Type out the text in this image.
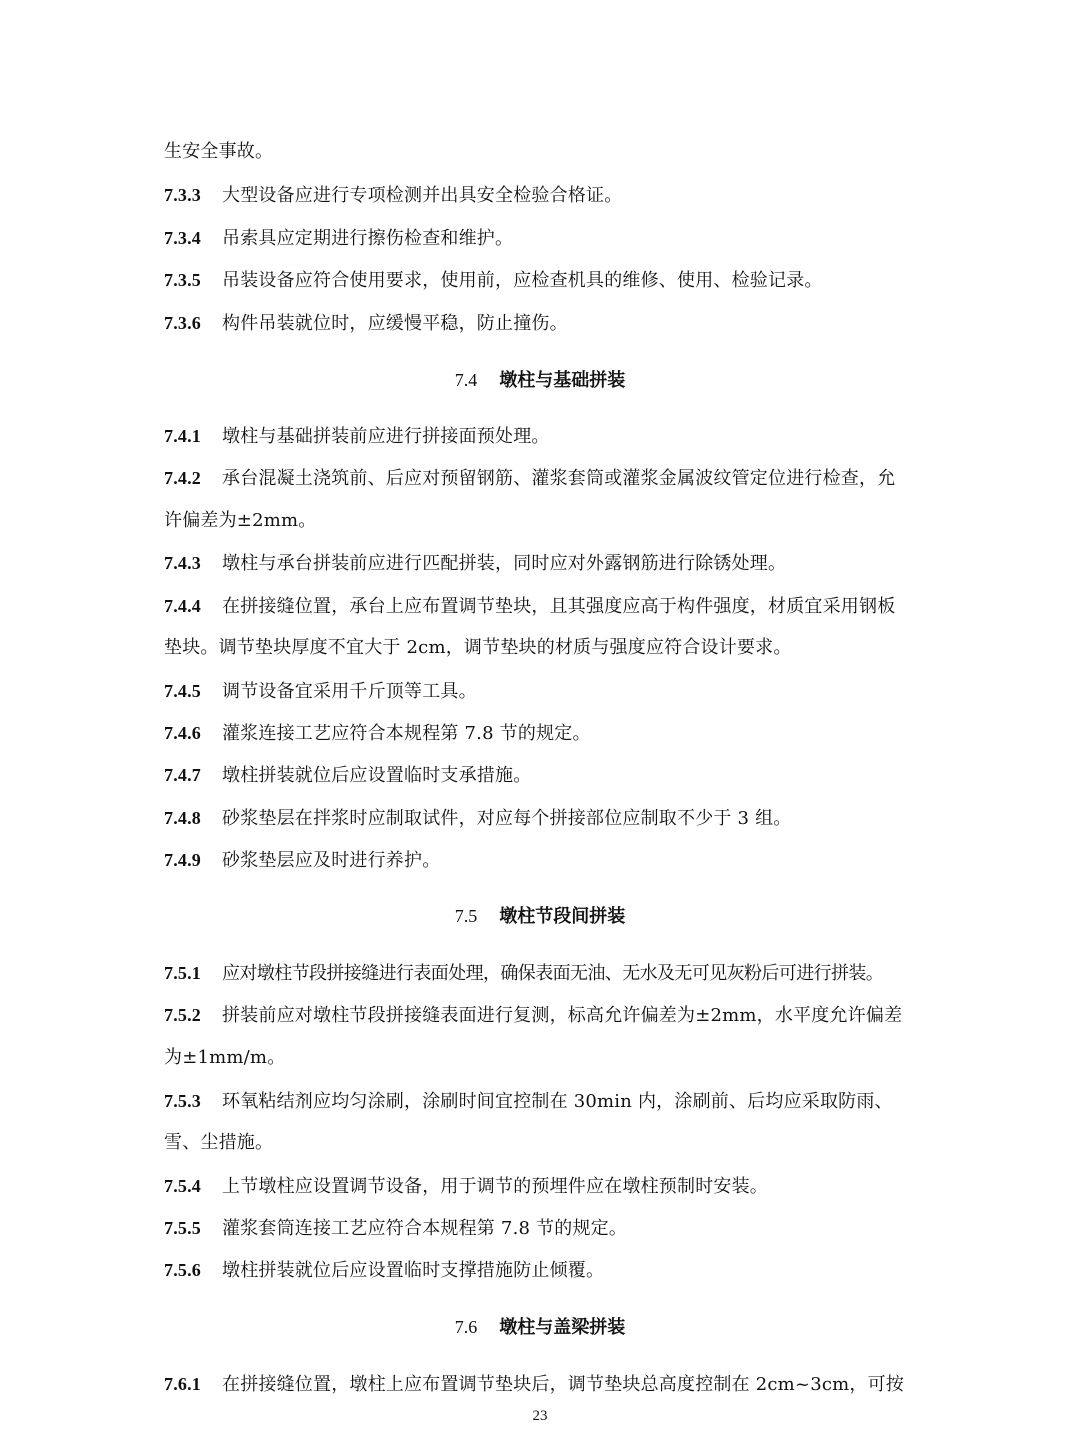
生安全事故。
7.3.3 大型设备应进行专项检测并出具安全检验合格证。
7.3.4 吊索具应定期进行擦伤检查和维护。
7.3.5 吊装设备应符合使用要求，使用前，应检查机具的维修、使用、检验记录。
7.3.6 构件吊装就位时，应缓慢平稳，防止撞伤。
7.4 墩柱与基础拼装
7.4.1 墩柱与基础拼装前应进行拼接面预处理。
7.4.2 承台混凝土浇筑前、后应对预留钢筋、灌浆套筒或灌浆金属波纹管定位进行检查，允
许偏差为±2mm。
7.4.3 墩柱与承台拼装前应进行匹配拼装，同时应对外露钢筋进行除锈处理。
7.4.4 在拼接缝位置，承台上应布置调节垫块，且其强度应高于构件强度，材质宜采用钢板
垫块。调节垫块厚度不宜大于 2cm，调节垫块的材质与强度应符合设计要求。
7.4.5 调节设备宜采用千斤顶等工具。
7.4.6 灌浆连接工艺应符合本规程第 7.8 节的规定。
7.4.7 墩柱拼装就位后应设置临时支承措施。
7.4.8 砂浆垫层在拌浆时应制取试件，对应每个拼接部位应制取不少于 3 组。
7.4.9 砂浆垫层应及时进行养护。
7.5 墩柱节段间拼装
7.5.1 应对墩柱节段拼接缝进行表面处理，确保表面无油、无水及无可见灰粉后可进行拼装。
7.5.2 拼装前应对墩柱节段拼接缝表面进行复测，标高允许偏差为±2mm，水平度允许偏差
为±1mm/m。
7.5.3 环氧粘结剂应均匀涂刷，涂刷时间宜控制在 30min 内，涂刷前、后均应采取防雨、
雪、尘措施。
7.5.4 上节墩柱应设置调节设备，用于调节的预埋件应在墩柱预制时安装。
7.5.5 灌浆套筒连接工艺应符合本规程第 7.8 节的规定。
7.5.6 墩柱拼装就位后应设置临时支撑措施防止倾覆。
7.6 墩柱与盖梁拼装
7.6.1 在拼接缝位置，墩柱上应布置调节垫块后，调节垫块总高度控制在 2cm~3cm，可按
23
